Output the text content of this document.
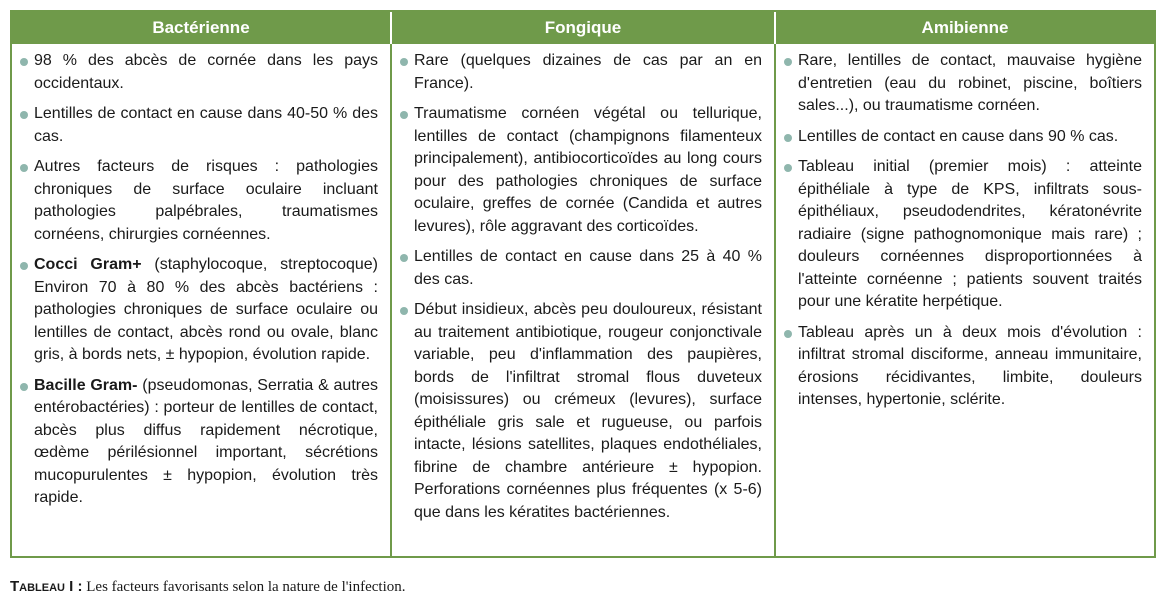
Bactérienne	Fongique	Amibienne
98 % des abcès de cornée dans les pays occidentaux.
Lentilles de contact en cause dans 40-50 % des cas.
Autres facteurs de risques : pathologies chroniques de surface oculaire incluant pathologies palpébrales, traumatismes cornéens, chirurgies cornéennes.
Cocci Gram+ (staphylocoque, streptocoque) Environ 70 à 80 % des abcès bactériens : pathologies chroniques de surface oculaire ou lentilles de contact, abcès rond ou ovale, blanc gris, à bords nets, ± hypopion, évolution rapide.
Bacille Gram- (pseudomonas, Serratia & autres entérobactéries) : porteur de lentilles de contact, abcès plus diffus rapidement nécrotique, œdème périlésionnel important, sécrétions mucopurulentes ± hypopion, évolution très rapide.
Rare (quelques dizaines de cas par an en France).
Traumatisme cornéen végétal ou tellurique, lentilles de contact (champignons filamenteux principalement), antibiocorticoïdes au long cours pour des pathologies chroniques de surface oculaire, greffes de cornée (Candida et autres levures), rôle aggravant des corticoïdes.
Lentilles de contact en cause dans 25 à 40 % des cas.
Début insidieux, abcès peu douloureux, résistant au traitement antibiotique, rougeur conjonctivale variable, peu d'inflammation des paupières, bords de l'infiltrat stromal flous duveteux (moisissures) ou crémeux (levures), surface épithéliale gris sale et rugueuse, ou parfois intacte, lésions satellites, plaques endothéliales, fibrine de chambre antérieure ± hypopion. Perforations cornéennes plus fréquentes (x 5-6) que dans les kératites bactériennes.
Rare, lentilles de contact, mauvaise hygiène d'entretien (eau du robinet, piscine, boîtiers sales...), ou traumatisme cornéen.
Lentilles de contact en cause dans 90 % cas.
Tableau initial (premier mois) : atteinte épithéliale à type de KPS, infiltrats sous-épithéliaux, pseudodendrites, kératonévrite radiaire (signe pathognomonique mais rare) ; douleurs cornéennes disproportionnées à l'atteinte cornéenne ; patients souvent traités pour une kératite herpétique.
Tableau après un à deux mois d'évolution : infiltrat stromal disciforme, anneau immunitaire, érosions récidivantes, limbite, douleurs intenses, hypertonie, sclérite.
Tableau I : Les facteurs favorisants selon la nature de l'infection.
